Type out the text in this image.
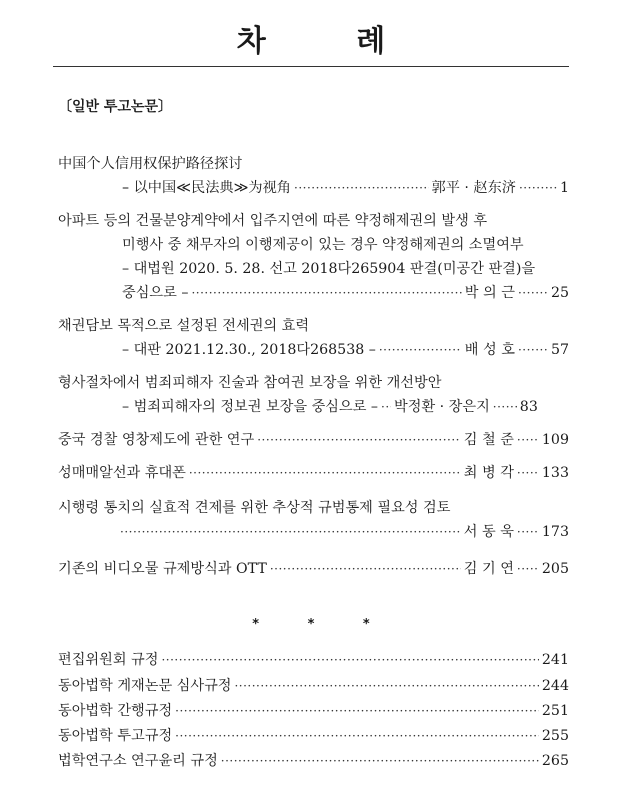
차 례
〔일반 투고논문〕
中国个人信用权保护路径探讨
– 以中国≪民法典≫为视角 ·····	郭平 · 赵东济 ·····	1
아파트 등의 건물분양계약에서 입주지연에 따른 약정해제권의 발생 후
미행사 중 채무자의 이행제공이 있는 경우 약정해제권의 소멸여부
– 대법원 2020. 5. 28. 선고 2018다265904 판결(미공간 판결)을
중심으로 – ·····	박 의 근 ·····	25
채권담보 목적으로 설정된 전세권의 효력
– 대판 2021.12.30., 2018다268538 – ·····	배 성 호 ·····	57
형사절차에서 범죄피해자 진술과 참여권 보장을 위한 개선방안
– 범죄피해자의 정보권 보장을 중심으로 – ····· 박정환 · 장은지 ····· 83
중국 경찰 영창제도에 관한 연구 ·····	김 철 준 ····· 109
성매매알선과 휴대폰 ·····	최 병 각 ····· 133
시행령 통치의 실효적 견제를 위한 추상적 규범통제 필요성 검토
·····
서 동 욱 ····· 173
기존의 비디오물 규제방식과 OTT ·····	김 기 연 ····· 205
편집위원회 규정 ·····	241
동아법학 게재논문 심사규정 ·····	244
동아법학 간행규정 ·····	251
동아법학 투고규정 ·····	255
법학연구소 연구윤리 규정 ·····	265
* * *
